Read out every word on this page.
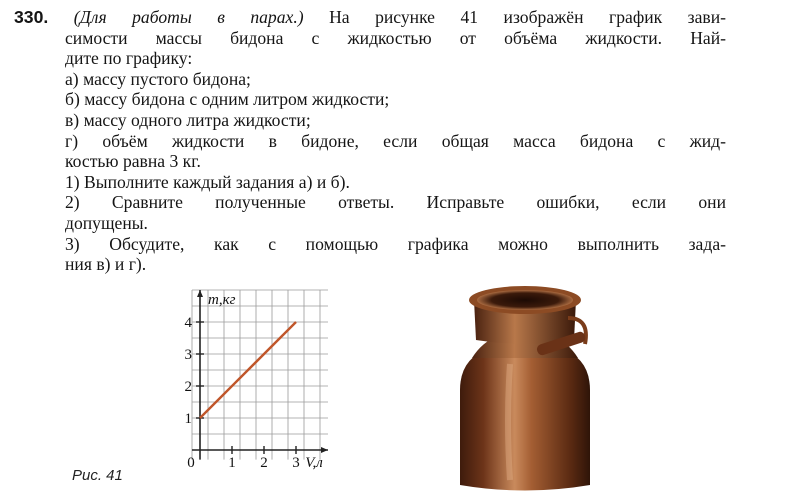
330. (Для работы в парах.) На рисунке 41 изображён график зави-
симости массы бидона с жидкостью от объёма жидкости. Най-
дите по графику:
а) массу пустого бидона;
б) массу бидона с одним литром жидкости;
в) массу одного литра жидкости;
г) объём жидкости в бидоне, если общая масса бидона с жид-
костью равна 3 кг.
1) Выполните каждый задания а) и б).
2) Сравните полученные ответы. Исправьте ошибки, если они
допущены.
3) Обсудите, как с помощью графика можно выполнить зада-
ния в) и г).
0 1 2 3
1
2
3
4
V,л
m,кг
Рис. 41
